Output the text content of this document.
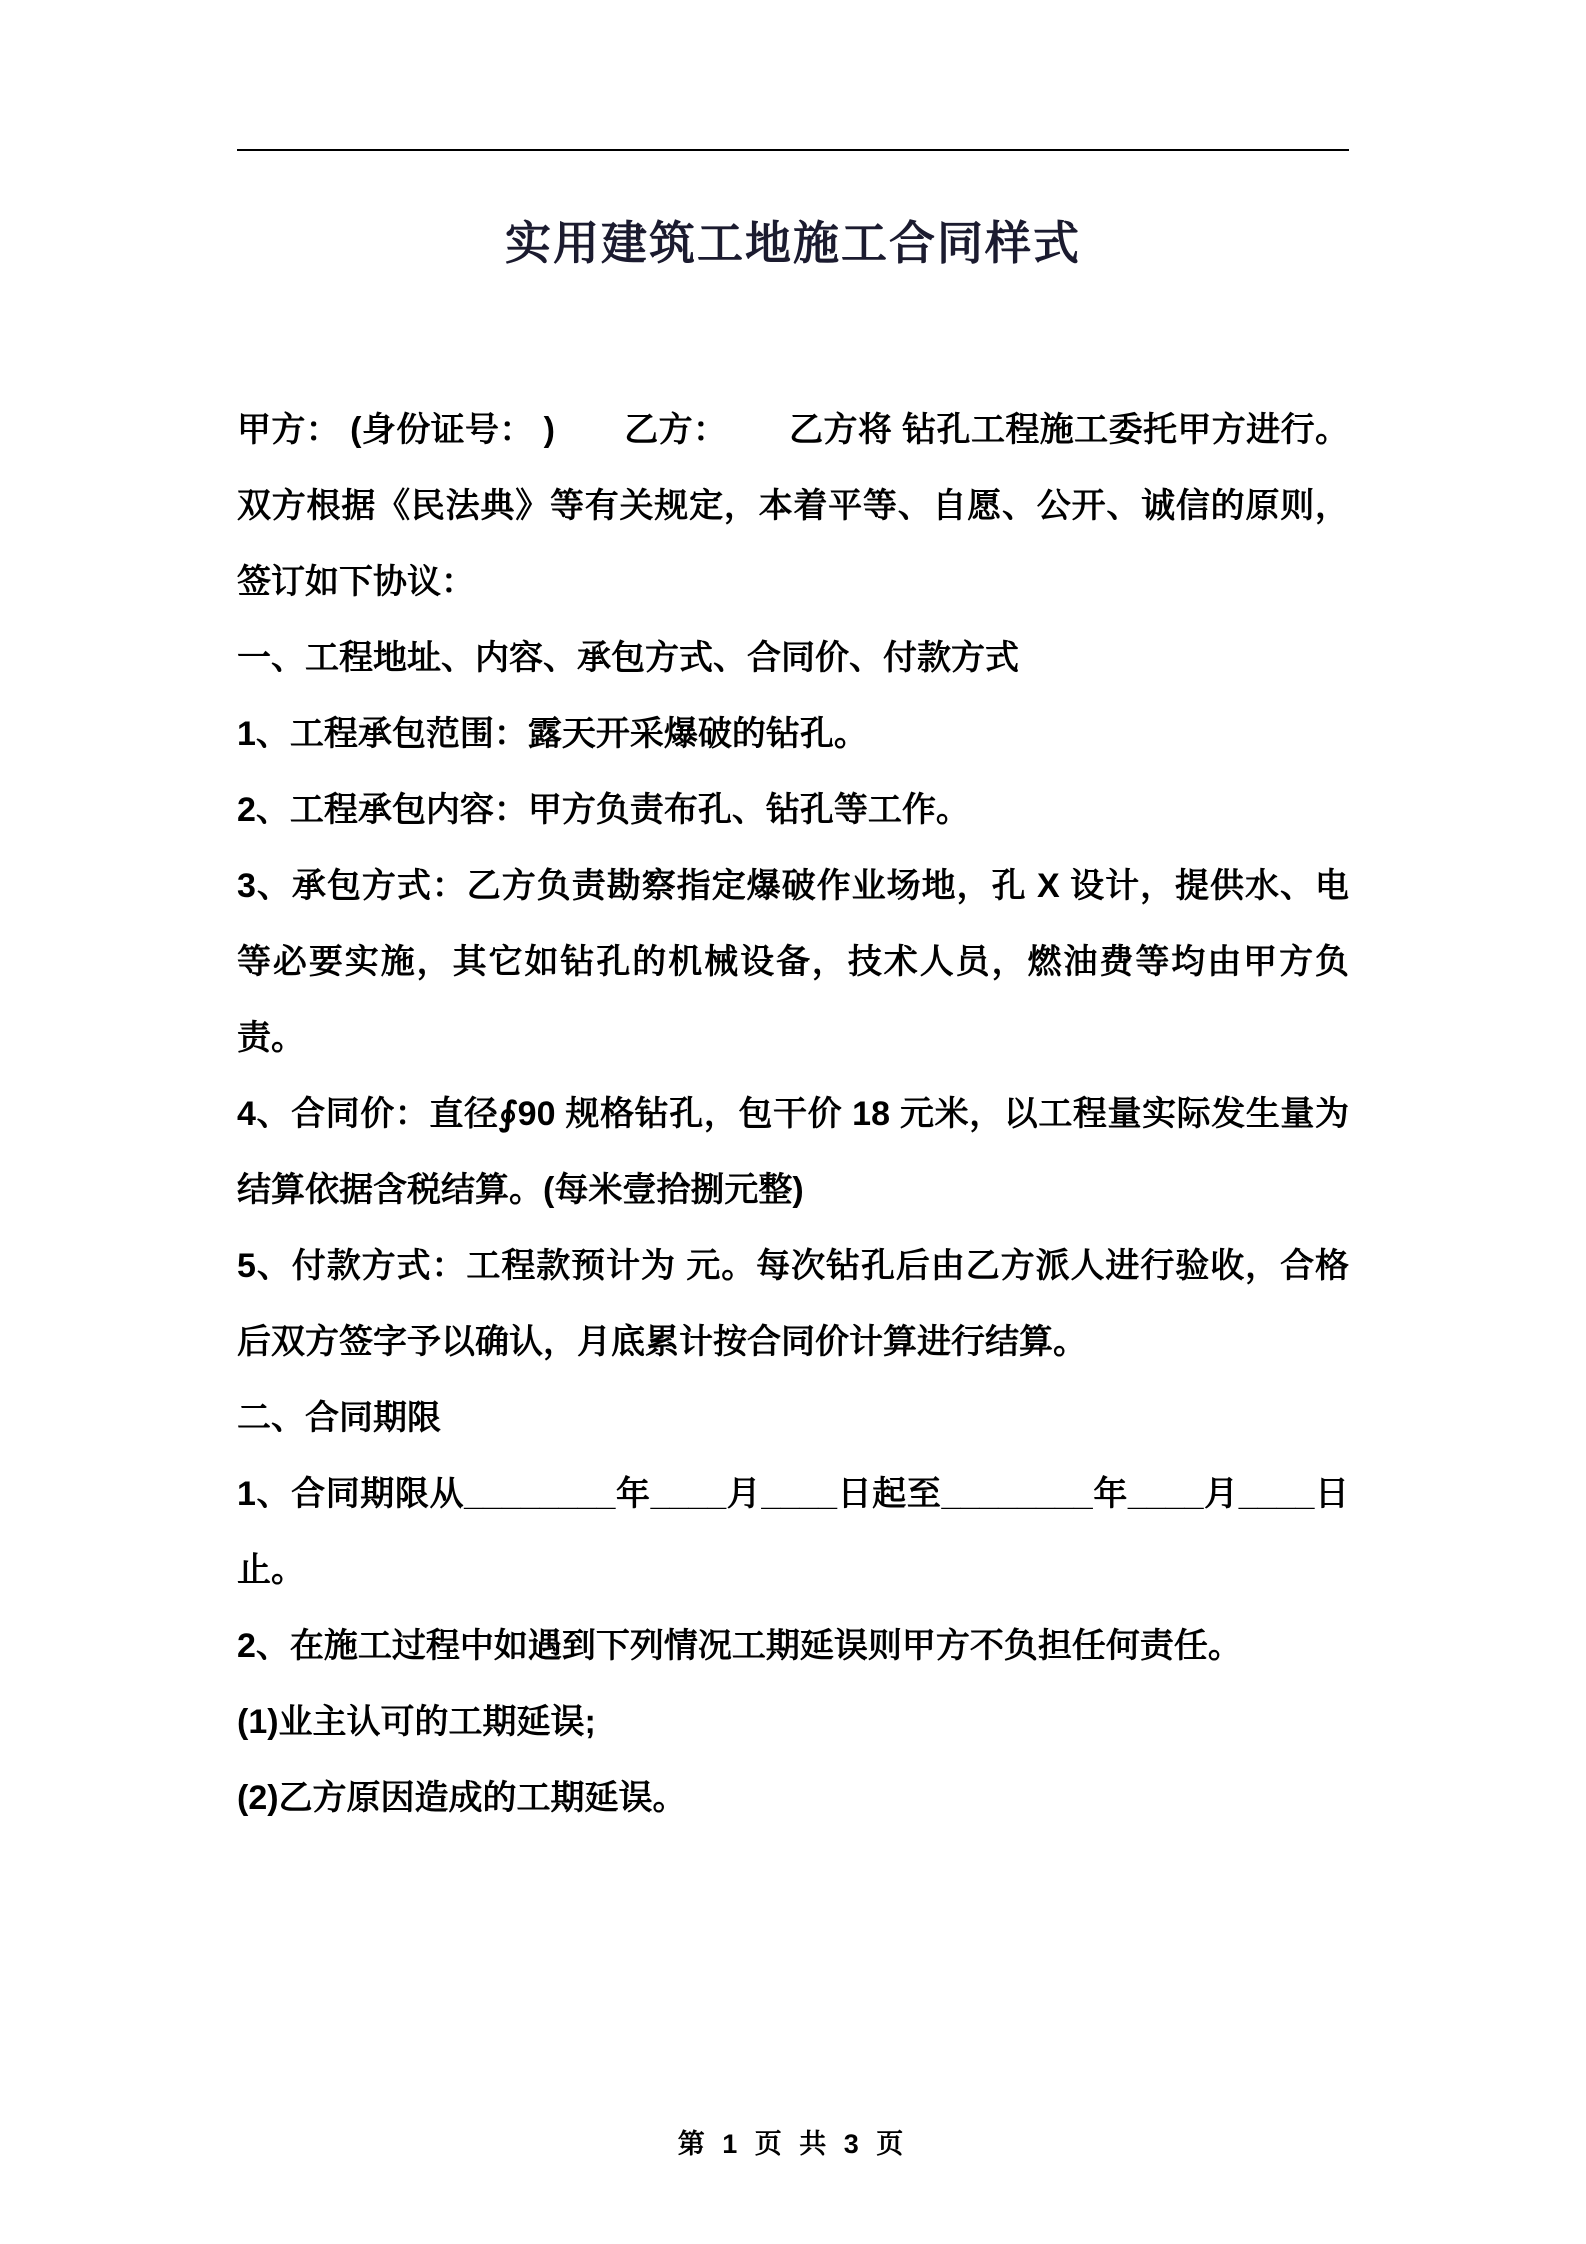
实用建筑工地施工合同样式

甲方： (身份证号： )　　乙方：　　 乙方将 钻孔工程施工委托甲方进行。双方根据《民法典》等有关规定，本着平等、自愿、公开、诚信的原则，签订如下协议：

一、工程地址、内容、承包方式、合同价、付款方式

1、工程承包范围：露天开采爆破的钻孔。

2、工程承包内容：甲方负责布孔、钻孔等工作。

3、承包方式：乙方负责勘察指定爆破作业场地，孔 X 设计，提供水、电等必要实施，其它如钻孔的机械设备，技术人员，燃油费等均由甲方负责。

4、合同价：直径∮90 规格钻孔，包干价 18 元米，以工程量实际发生量为结算依据含税结算。(每米壹拾捌元整)

5、付款方式：工程款预计为 元。每次钻孔后由乙方派人进行验收，合格后双方签字予以确认，月底累计按合同价计算进行结算。

二、合同期限

1、合同期限从________年____月____日起至________年____月____日止。

2、在施工过程中如遇到下列情况工期延误则甲方不负担任何责任。

(1)业主认可的工期延误;

(2)乙方原因造成的工期延误。

第 1 页 共 3 页
